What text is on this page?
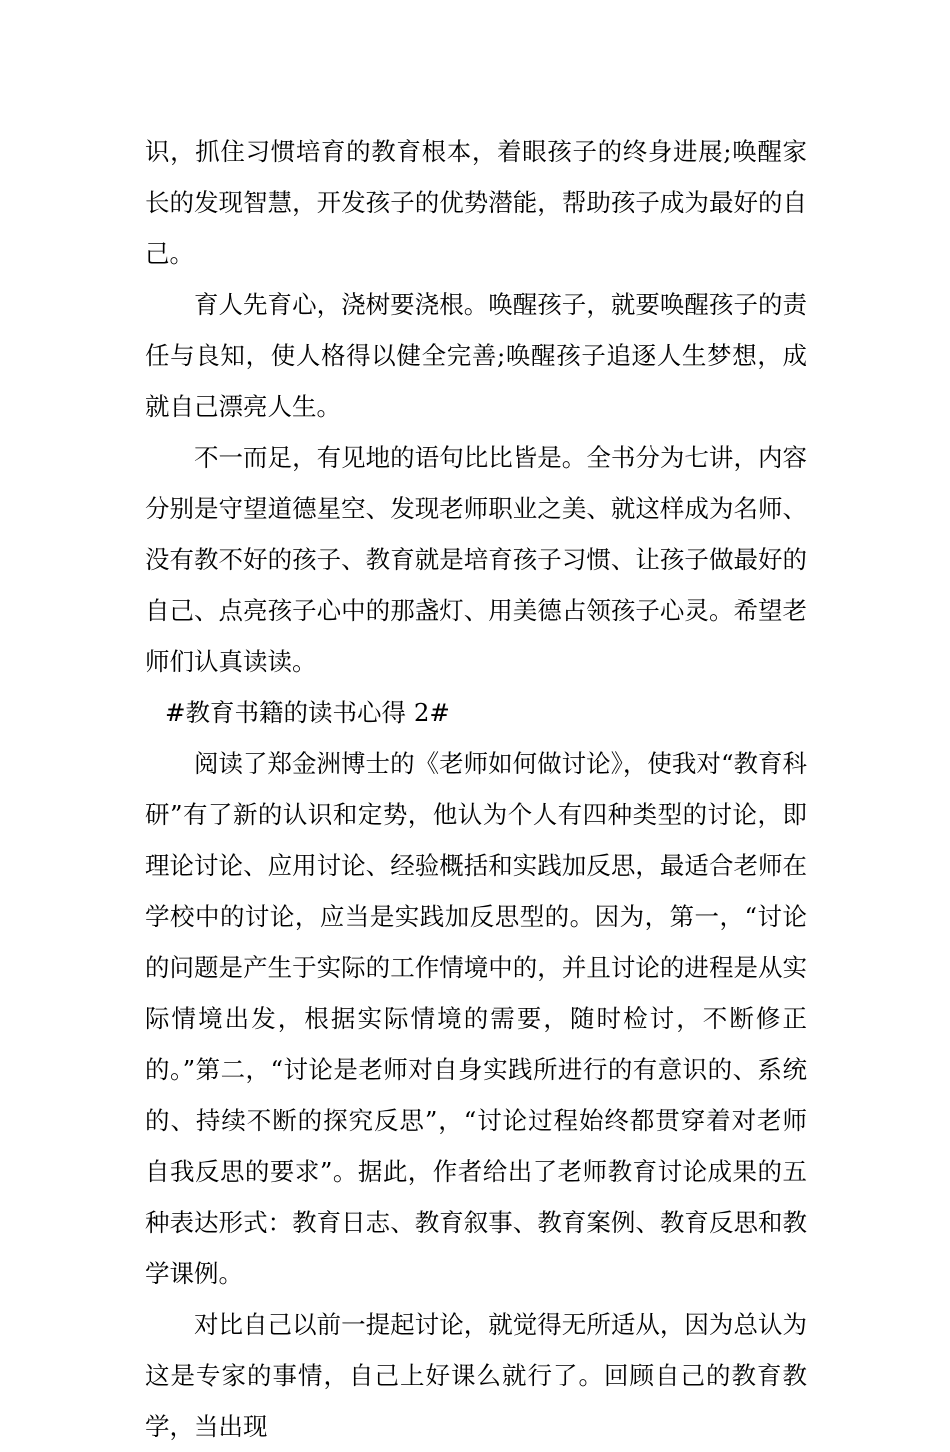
识，抓住习惯培育的教育根本，着眼孩子的终身进展;唤醒家长的发现智慧，开发孩子的优势潜能，帮助孩子成为最好的自己。

育人先育心，浇树要浇根。唤醒孩子，就要唤醒孩子的责任与良知，使人格得以健全完善;唤醒孩子追逐人生梦想，成就自己漂亮人生。

不一而足，有见地的语句比比皆是。全书分为七讲，内容分别是守望道德星空、发现老师职业之美、就这样成为名师、没有教不好的孩子、教育就是培育孩子习惯、让孩子做最好的自己、点亮孩子心中的那盏灯、用美德占领孩子心灵。希望老师们认真读读。

#教育书籍的读书心得 2#

阅读了郑金洲博士的《老师如何做讨论》，使我对“教育科研”有了新的认识和定势，他认为个人有四种类型的讨论，即理论讨论、应用讨论、经验概括和实践加反思，最适合老师在学校中的讨论，应当是实践加反思型的。因为，第一，“讨论的问题是产生于实际的工作情境中的，并且讨论的进程是从实际情境出发，根据实际情境的需要，随时检讨，不断修正的。”第二，“讨论是老师对自身实践所进行的有意识的、系统的、持续不断的探究反思”，“讨论过程始终都贯穿着对老师自我反思的要求”。据此，作者给出了老师教育讨论成果的五种表达形式：教育日志、教育叙事、教育案例、教育反思和教学课例。

对比自己以前一提起讨论，就觉得无所适从，因为总认为这是专家的事情，自己上好课么就行了。回顾自己的教育教学，当出现
